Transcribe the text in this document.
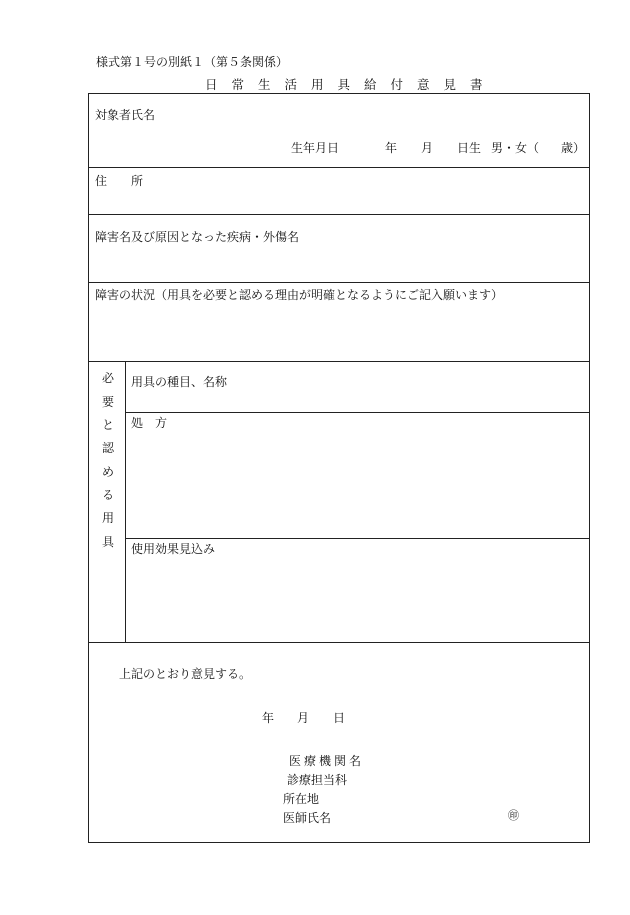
様式第１号の別紙１（第５条関係）
日常生活用具給付意見書
対象者氏名
生年月日	年 月 日生 男・女（ 歳）
住　　所
障害名及び原因となった疾病・外傷名
障害の状況（用具を必要と認める理由が明確となるようにご記入願います）
必
要
と
認
め
る
用
具
用具の種目、名称
処　方
使用効果見込み
上記のとおり意見する。
年 月 日
医療機関名
診療担当科
所在地
医師氏名	㊞
